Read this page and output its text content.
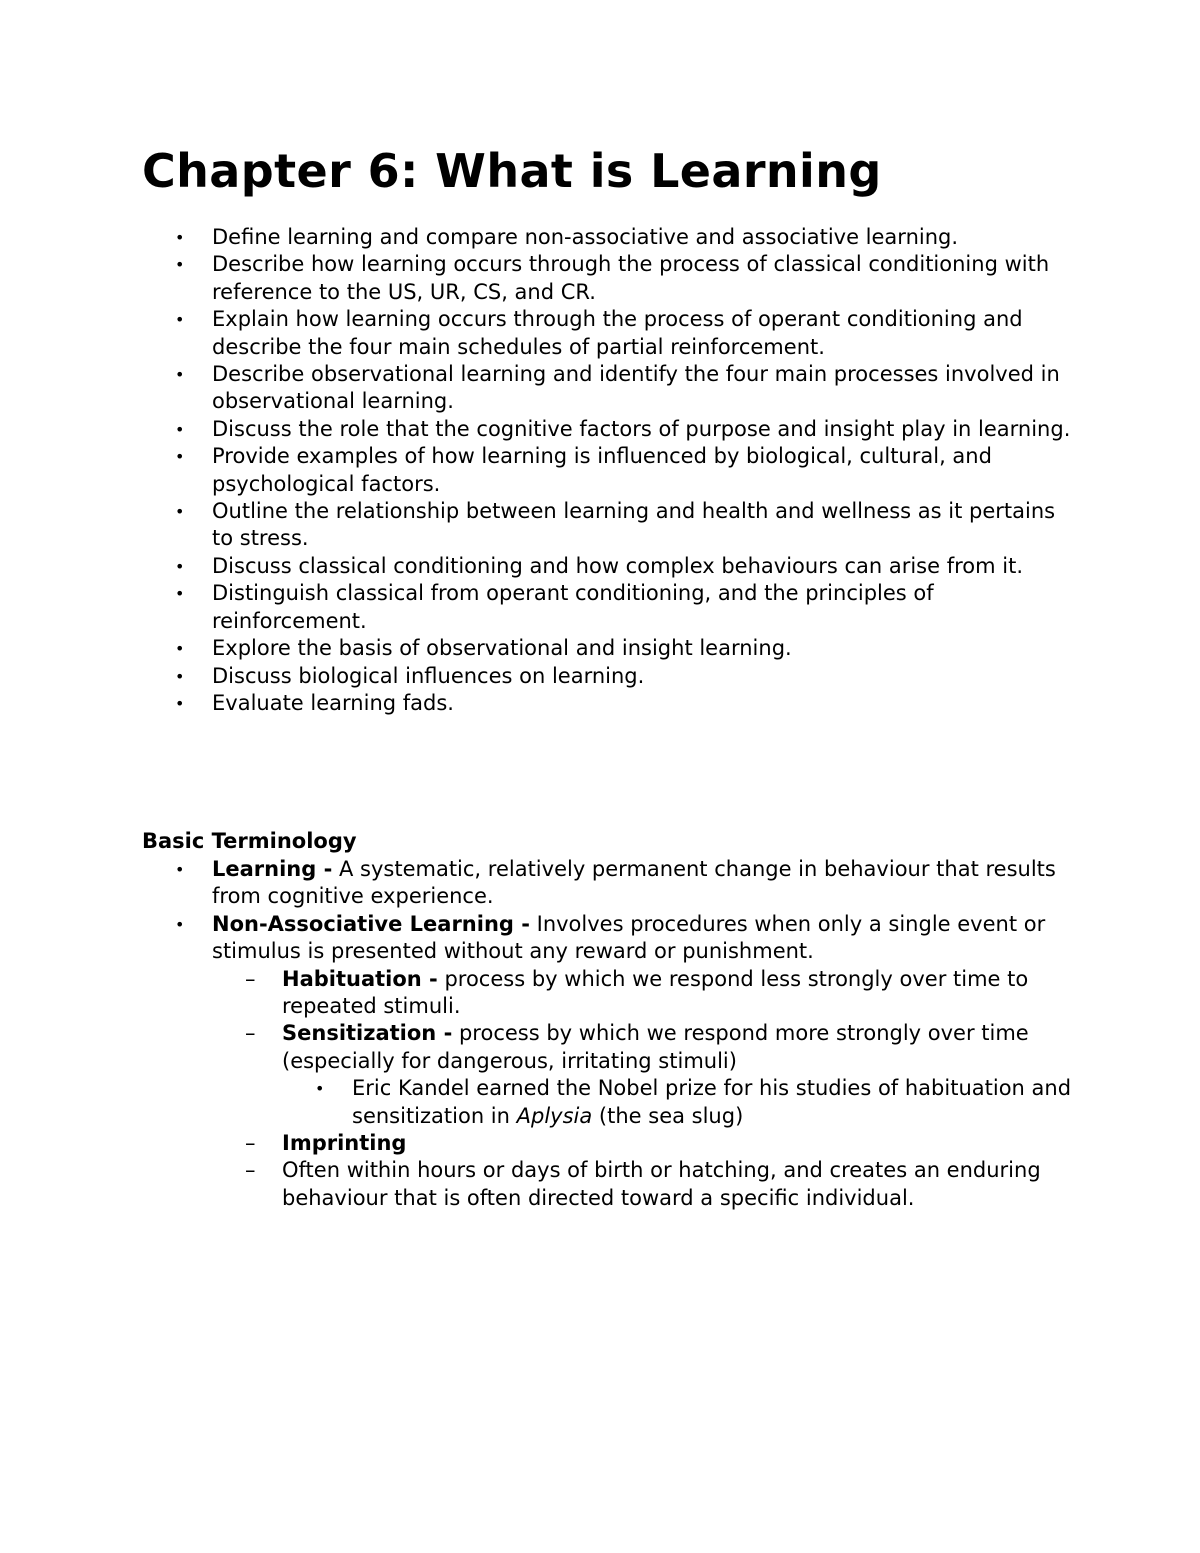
Chapter 6: What is Learning
• Define learning and compare non-associative and associative learning.
• Describe how learning occurs through the process of classical conditioning with reference to the US, UR, CS, and CR.
• Explain how learning occurs through the process of operant conditioning and describe the four main schedules of partial reinforcement.
• Describe observational learning and identify the four main processes involved in observational learning.
• Discuss the role that the cognitive factors of purpose and insight play in learning.
• Provide examples of how learning is influenced by biological, cultural, and psychological factors.
• Outline the relationship between learning and health and wellness as it pertains to stress.
• Discuss classical conditioning and how complex behaviours can arise from it.
• Distinguish classical from operant conditioning, and the principles of reinforcement.
• Explore the basis of observational and insight learning.
• Discuss biological influences on learning.
• Evaluate learning fads.
Basic Terminology
• Learning - A systematic, relatively permanent change in behaviour that results from cognitive experience.
• Non-Associative Learning - Involves procedures when only a single event or stimulus is presented without any reward or punishment.
– Habituation - process by which we respond less strongly over time to repeated stimuli.
– Sensitization - process by which we respond more strongly over time (especially for dangerous, irritating stimuli)
• Eric Kandel earned the Nobel prize for his studies of habituation and sensitization in Aplysia (the sea slug)
– Imprinting
– Often within hours or days of birth or hatching, and creates an enduring behaviour that is often directed toward a specific individual.
